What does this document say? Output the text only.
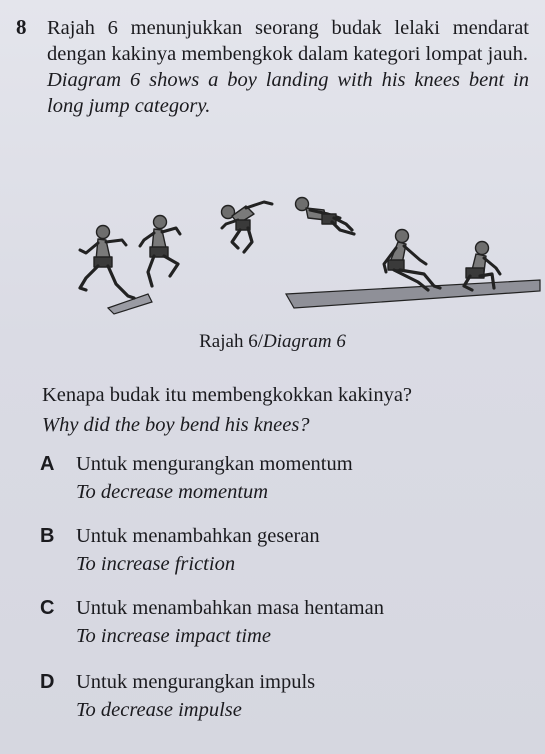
8 Rajah 6 menunjukkan seorang budak lelaki mendarat dengan kakinya membengkok dalam kategori lompat jauh.
Diagram 6 shows a boy landing with his knees bent in long jump category.
Rajah 6/Diagram 6
Kenapa budak itu membengkokkan kakinya?
Why did the boy bend his knees?
A Untuk mengurangkan momentum
To decrease momentum
B Untuk menambahkan geseran
To increase friction
C Untuk menambahkan masa hentaman
To increase impact time
D Untuk mengurangkan impuls
To decrease impulse
